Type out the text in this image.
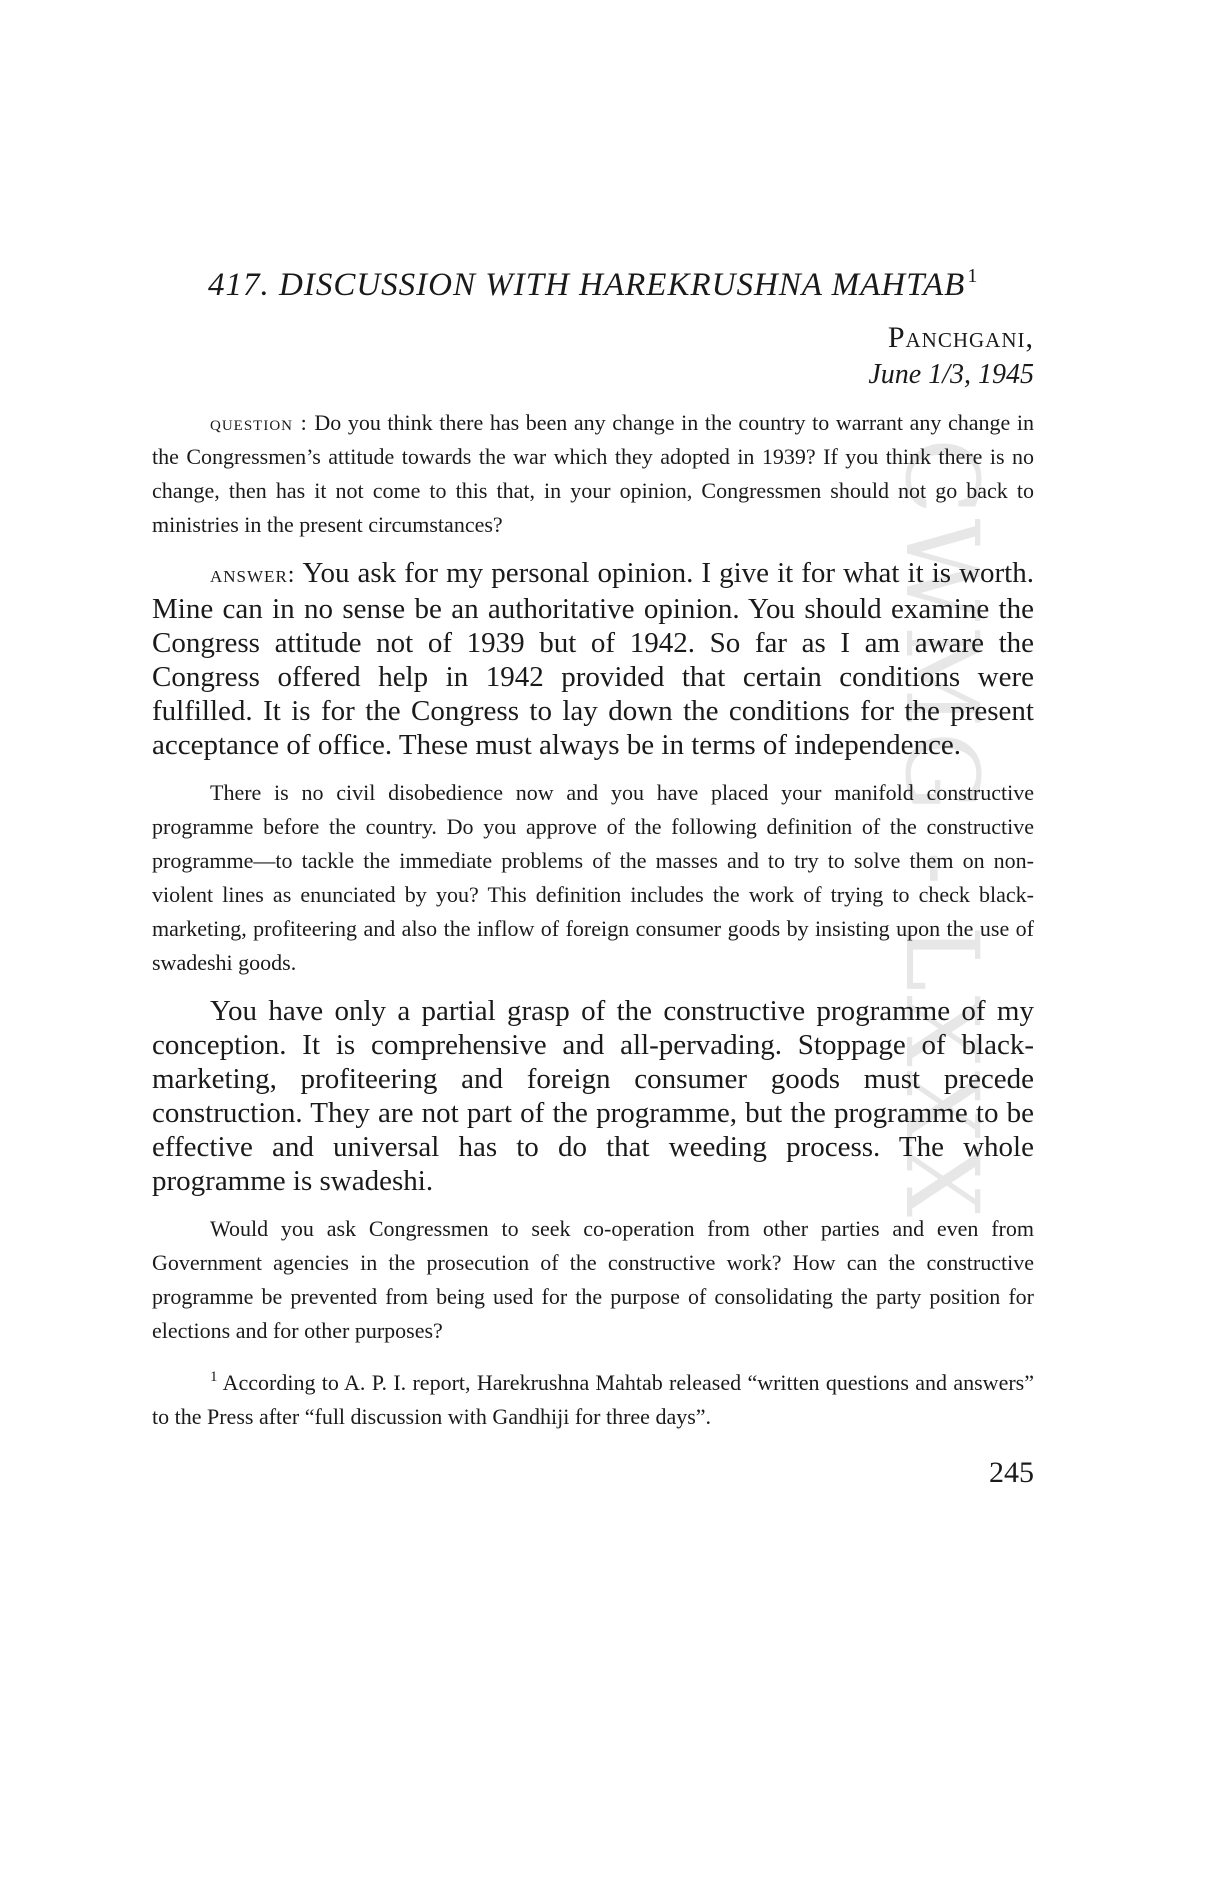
CWMG - LXXX
417. DISCUSSION WITH HAREKRUSHNA MAHTAB $^1$
Panchgani,
June 1/3, 1945

question : Do you think there has been any change in the country to warrant any change in the Congressmen’s attitude towards the war which they adopted in 1939? If you think there is no change, then has it not come to this that, in your opinion, Congressmen should not go back to ministries in the present circumstances?

answer: You ask for my personal opinion. I give it for what it is worth. Mine can in no sense be an authoritative opinion. You should examine the Congress attitude not of 1939 but of 1942. So far as I am aware the Congress offered help in 1942 provided that certain conditions were fulfilled. It is for the Congress to lay down the conditions for the present acceptance of office. These must always be in terms of independence.

There is no civil disobedience now and you have placed your manifold constructive programme before the country. Do you approve of the following definition of the constructive programme—to tackle the immediate problems of the masses and to try to solve them on non-violent lines as enunciated by you? This definition includes the work of trying to check black-marketing, profiteering and also the inflow of foreign consumer goods by insisting upon the use of swadeshi goods.

You have only a partial grasp of the constructive programme of my conception. It is comprehensive and all-pervading. Stoppage of black-marketing, profiteering and foreign consumer goods must precede construction. They are not part of the programme, but the programme to be effective and universal has to do that weeding process. The whole programme is swadeshi.

Would you ask Congressmen to seek co-operation from other parties and even from Government agencies in the prosecution of the constructive work? How can the constructive programme be prevented from being used for the purpose of consolidating the party position for elections and for other purposes?

$^1$ According to A. P. I. report, Harekrushna Mahtab released “written questions and answers” to the Press after “full discussion with Gandhiji for three days”.

245
